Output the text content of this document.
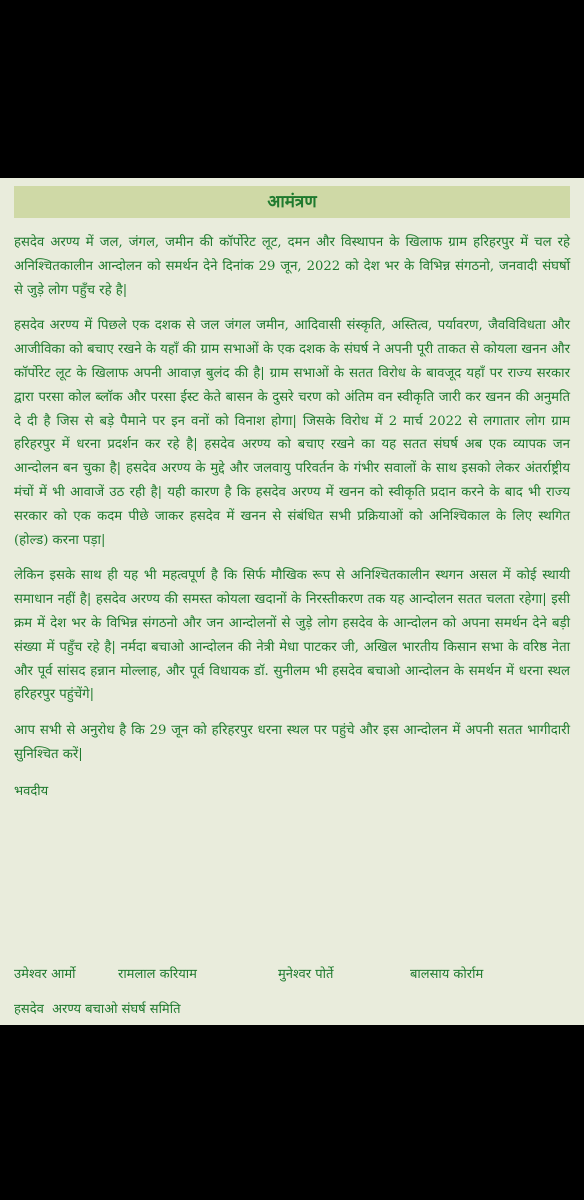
आमंत्रण

हसदेव अरण्य में जल, जंगल, जमीन की कॉर्पोरेट लूट, दमन और विस्थापन के खिलाफ ग्राम हरिहरपुर में चल रहे अनिश्चितकालीन आन्दोलन को समर्थन देने दिनांक 29 जून, 2022 को देश भर के विभिन्न संगठनो, जनवादी संघर्षो से जुड़े लोग पहुँच रहे है|

हसदेव अरण्य में पिछले एक दशक से जल जंगल जमीन, आदिवासी संस्कृति, अस्तित्व, पर्यावरण, जैवविविधता और आजीविका को बचाए रखने के यहाँ की ग्राम सभाओं के एक दशक के संघर्ष ने अपनी पूरी ताकत से कोयला खनन और कॉर्पोरेट लूट के खिलाफ अपनी आवाज़ बुलंद की है| ग्राम सभाओं के सतत विरोध के बावजूद यहाँ पर राज्य सरकार द्वारा परसा कोल ब्लॉक और परसा ईस्ट केते बासन के दुसरे चरण को अंतिम वन स्वीकृति जारी कर खनन की अनुमति दे दी है जिस से बड़े पैमाने पर इन वनों को विनाश होगा| जिसके विरोध में 2 मार्च 2022 से लगातार लोग ग्राम हरिहरपुर में धरना प्रदर्शन कर रहे है| हसदेव अरण्य को बचाए रखने का यह सतत संघर्ष अब एक व्यापक जन आन्दोलन बन चुका है| हसदेव अरण्य के मुद्दे और जलवायु परिवर्तन के गंभीर सवालों के साथ इसको लेकर अंतर्राष्ट्रीय मंचों में भी आवाजें उठ रही है| यही कारण है कि हसदेव अरण्य में खनन को स्वीकृति प्रदान करने के बाद भी राज्य सरकार को एक कदम पीछे जाकर हसदेव में खनन से संबंधित सभी प्रक्रियाओं को अनिश्चिकाल के लिए स्थगित (होल्ड) करना पड़ा|

लेकिन इसके साथ ही यह भी महत्वपूर्ण है कि सिर्फ मौखिक रूप से अनिश्चितकालीन स्थगन असल में कोई स्थायी समाधान नहीं है| हसदेव अरण्य की समस्त कोयला खदानों के निरस्तीकरण तक यह आन्दोलन सतत चलता रहेगा| इसी क्रम में देश भर के विभिन्न संगठनो और जन आन्दोलनों से जुड़े लोग हसदेव के आन्दोलन को अपना समर्थन देने बड़ी संख्या में पहुँच रहे है| नर्मदा बचाओ आन्दोलन की नेत्री मेधा पाटकर जी, अखिल भारतीय किसान सभा के वरिष्ठ नेता और पूर्व सांसद हन्नान मोल्लाह, और पूर्व विधायक डॉ. सुनीलम भी हसदेव बचाओ आन्दोलन के समर्थन में धरना स्थल हरिहरपुर पहुंचेंगे|

आप सभी से अनुरोध है कि 29 जून को हरिहरपुर धरना स्थल पर पहुंचे और इस आन्दोलन में अपनी सतत भागीदारी सुनिश्चित करें|

भवदीय

उमेश्वर आर्मो	रामलाल करियाम	मुनेश्वर पोर्ते	बालसाय कोर्राम
हसदेव  अरण्य बचाओ संघर्ष समिति
